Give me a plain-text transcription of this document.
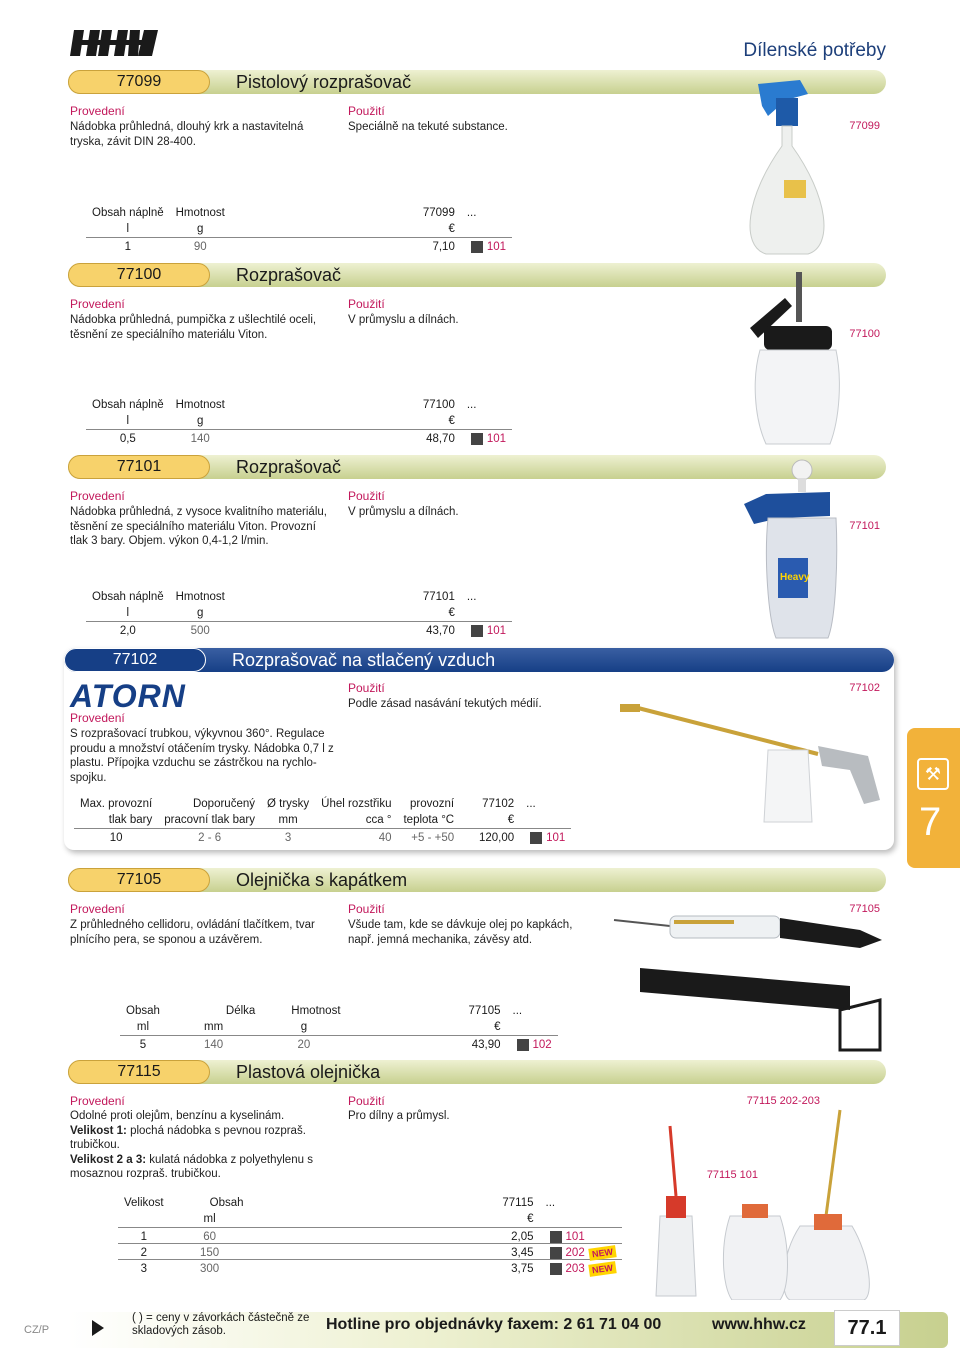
Dílenské potřeby
77099	Pistolový rozprašovač
Provedení
Nádobka průhledná, dlouhý krk a nastavitelná tryska, závit DIN 28-400.
Použití
Speciálně na tekuté substance.	77099
Obsah náplně	Hmotnost	77099	...
l	g	€	
1	90	7,10	101
77100	Rozprašovač
Provedení
Nádobka průhledná, pumpička z ušlechtilé oceli, těsnění ze speciálního materiálu Viton.
Použití
V průmyslu a dílnách.
77100
Obsah náplně	Hmotnost	77100	...
l	g	€	
0,5	140	48,70	101
77101	Rozprašovač
Provedení
Nádobka průhledná, z vysoce kvalitního materiálu, těsnění ze speciálního materiálu Viton. Provozní tlak 3 bary. Objem. výkon 0,4-1,2 l/min.
Použití
V průmyslu a dílnách.
77101
Heavy
Obsah náplně	Hmotnost	77101	...
l	g	€	
2,0	500	43,70	101
77102	Rozprašovač na stlačený vzduch
ATORN
Provedení
S rozprašovací trubkou, výkyvnou 360°. Regulace proudu a množství otáčením trysky. Nádobka 0,7 l z plastu. Přípojka vzduchu se zástrčkou na rychlo-spojku.
Použití
Podle zásad nasávání tekutých médií.
77102
Max. provozní	Doporučený	Ø trysky	Úhel rozstřiku	provozní	77102	...
tlak bary	pracovní tlak bary	mm	cca °	teplota °C	€	
10	2 - 6	3	40	+5 - +50	120,00	101
⚒
7
77105	Olejnička s kapátkem
Provedení
Z průhledného cellidoru, ovládání tlačítkem, tvar plnícího pera, se sponou a uzávěrem.
Použití
Všude tam, kde se dávkuje olej po kapkách, např. jemná mechanika, závěsy atd.
77105
Obsah	Délka	Hmotnost	77105	...
ml	mm	g	€	
5	140	20	43,90	102
77115	Plastová olejnička
Provedení
Odolné proti olejům, benzínu a kyselinám.
Velikost 1: plochá nádobka s pevnou rozpraš. trubičkou.
Velikost 2 a 3: kulatá nádobka z polyethylenu s mosaznou rozpraš. trubičkou.
Použití
Pro dílny a průmysl.
77115 202-203
77115 101
Velikost	Obsah	77115	...
	ml	€	
1	60	2,05	101
2	150	3,45	202 NEW
3	300	3,75	203 NEW
CZ/P
( ) = ceny v závorkách částečně ze skladových zásob.	Hotline pro objednávky faxem: 2 61 71 04 00	www.hhw.cz	77.1
